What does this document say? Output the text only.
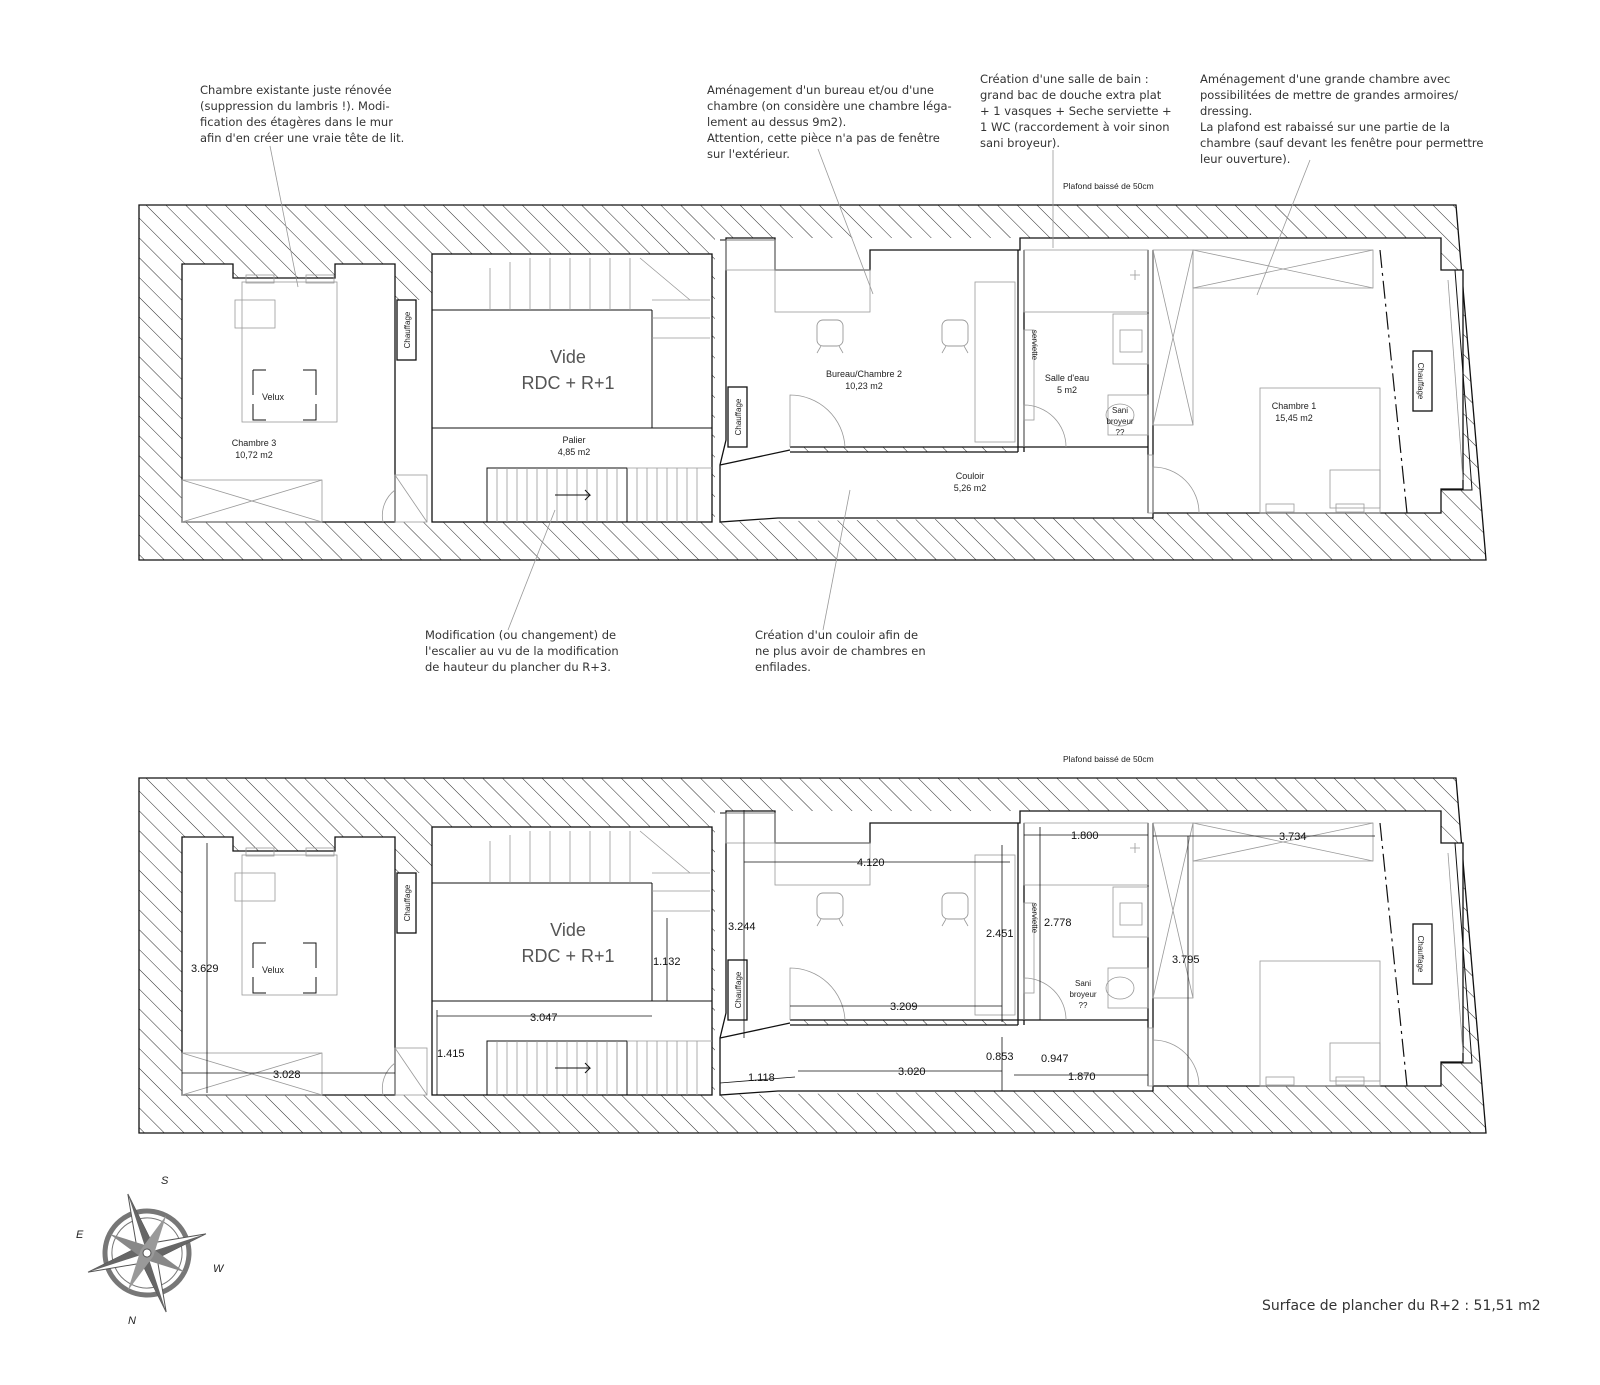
Plafond baissé de 50cm
Velux
Chambre 3
10,72 m2
Vide
RDC + R+1
Palier
4,85 m2
Bureau/Chambre 2
10,23 m2
Salle d'eau
5 m2
Chambre 1
15,45 m2
Couloir
5,26 m2
Chauffage
Chauffage
Chauffage
serviette
Sani
broyeur
??
Plafond baissé de 50cm
Velux
Vide
RDC + R+1
Chauffage
Chauffage
Chauffage
serviette
Sani
broyeur
??
3.629
3.028
1.415
3.047
1.132
3.244
4.120
2.451
3.209
1.118	3.020
0.853
1.800
2.778
0.947
1.870
3.734
3.795
S
N
E
W
Chambre existante juste rénovée
(suppression du lambris !). Modi-
fication des étagères dans le mur
afin d'en créer une vraie tête de lit.
Aménagement d'un bureau et/ou d'une
chambre (on considère une chambre léga-
lement au dessus 9m2).
Attention, cette pièce n'a pas de fenêtre
sur l'extérieur.
Création d'une salle de bain :
grand bac de douche extra plat
+ 1 vasques + Seche serviette +
1 WC (raccordement à voir sinon
sani broyeur).
Aménagement d'une grande chambre avec
possibilitées de mettre de grandes armoires/
dressing.
La plafond est rabaissé sur une partie de la
chambre (sauf devant les fenêtre pour permettre
leur ouverture).
Modification (ou changement) de
l'escalier au vu de la modification
de hauteur du plancher du R+3.
Création d'un couloir afin de
ne plus avoir de chambres en
enfilades.
Surface de plancher du R+2 : 51,51 m2
